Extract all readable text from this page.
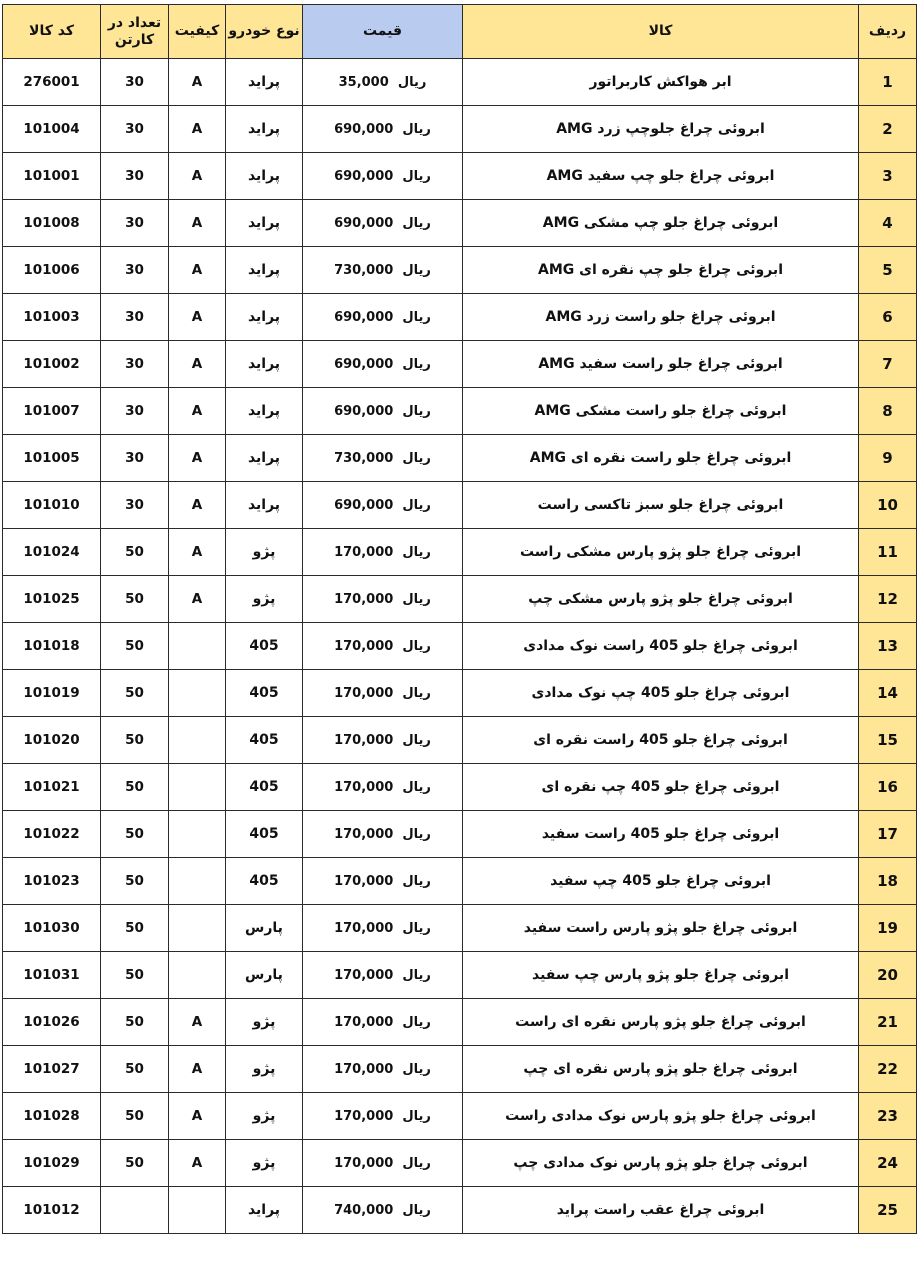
کد کالا	تعداد در کارتن	کیفیت	نوع خودرو	قیمت	کالا	ردیف
276001	30	A	پراید	35,000 ریال	ابر هواکش کاربراتور	1
101004	30	A	پراید	690,000 ریال	ابروئی چراغ جلوچپ زرد AMG	2
101001	30	A	پراید	690,000 ریال	ابروئی چراغ جلو چپ سفید AMG	3
101008	30	A	پراید	690,000 ریال	ابروئی چراغ جلو چپ مشکی AMG	4
101006	30	A	پراید	730,000 ریال	ابروئی چراغ جلو چپ نقره ای AMG	5
101003	30	A	پراید	690,000 ریال	ابروئی چراغ جلو راست زرد AMG	6
101002	30	A	پراید	690,000 ریال	ابروئی چراغ جلو راست سفید AMG	7
101007	30	A	پراید	690,000 ریال	ابروئی چراغ جلو راست مشکی AMG	8
101005	30	A	پراید	730,000 ریال	ابروئی چراغ جلو راست نقره ای AMG	9
101010	30	A	پراید	690,000 ریال	ابروئی چراغ جلو سبز تاکسی راست	10
101024	50	A	پژو	170,000 ریال	ابروئی چراغ جلو پژو پارس مشکی راست	11
101025	50	A	پژو	170,000 ریال	ابروئی چراغ جلو پژو پارس مشکی چپ	12
101018	50		405	170,000 ریال	ابروئی چراغ جلو 405 راست نوک مدادی	13
101019	50		405	170,000 ریال	ابروئی چراغ جلو 405 چپ نوک مدادی	14
101020	50		405	170,000 ریال	ابروئی چراغ جلو 405 راست نقره ای	15
101021	50		405	170,000 ریال	ابروئی چراغ جلو 405 چپ نقره ای	16
101022	50		405	170,000 ریال	ابروئی چراغ جلو 405 راست سفید	17
101023	50		405	170,000 ریال	ابروئی چراغ جلو 405 چپ سفید	18
101030	50		پارس	170,000 ریال	ابروئی چراغ جلو پژو پارس راست سفید	19
101031	50		پارس	170,000 ریال	ابروئی چراغ جلو پژو پارس چپ سفید	20
101026	50	A	پژو	170,000 ریال	ابروئی چراغ جلو پژو پارس نقره ای راست	21
101027	50	A	پژو	170,000 ریال	ابروئی چراغ جلو پژو پارس نقره ای چپ	22
101028	50	A	پژو	170,000 ریال	ابروئی چراغ جلو پژو پارس نوک مدادی راست	23
101029	50	A	پژو	170,000 ریال	ابروئی چراغ جلو پژو پارس نوک مدادی چپ	24
101012			پراید	740,000 ریال	ابروئی چراغ عقب راست پراید	25
